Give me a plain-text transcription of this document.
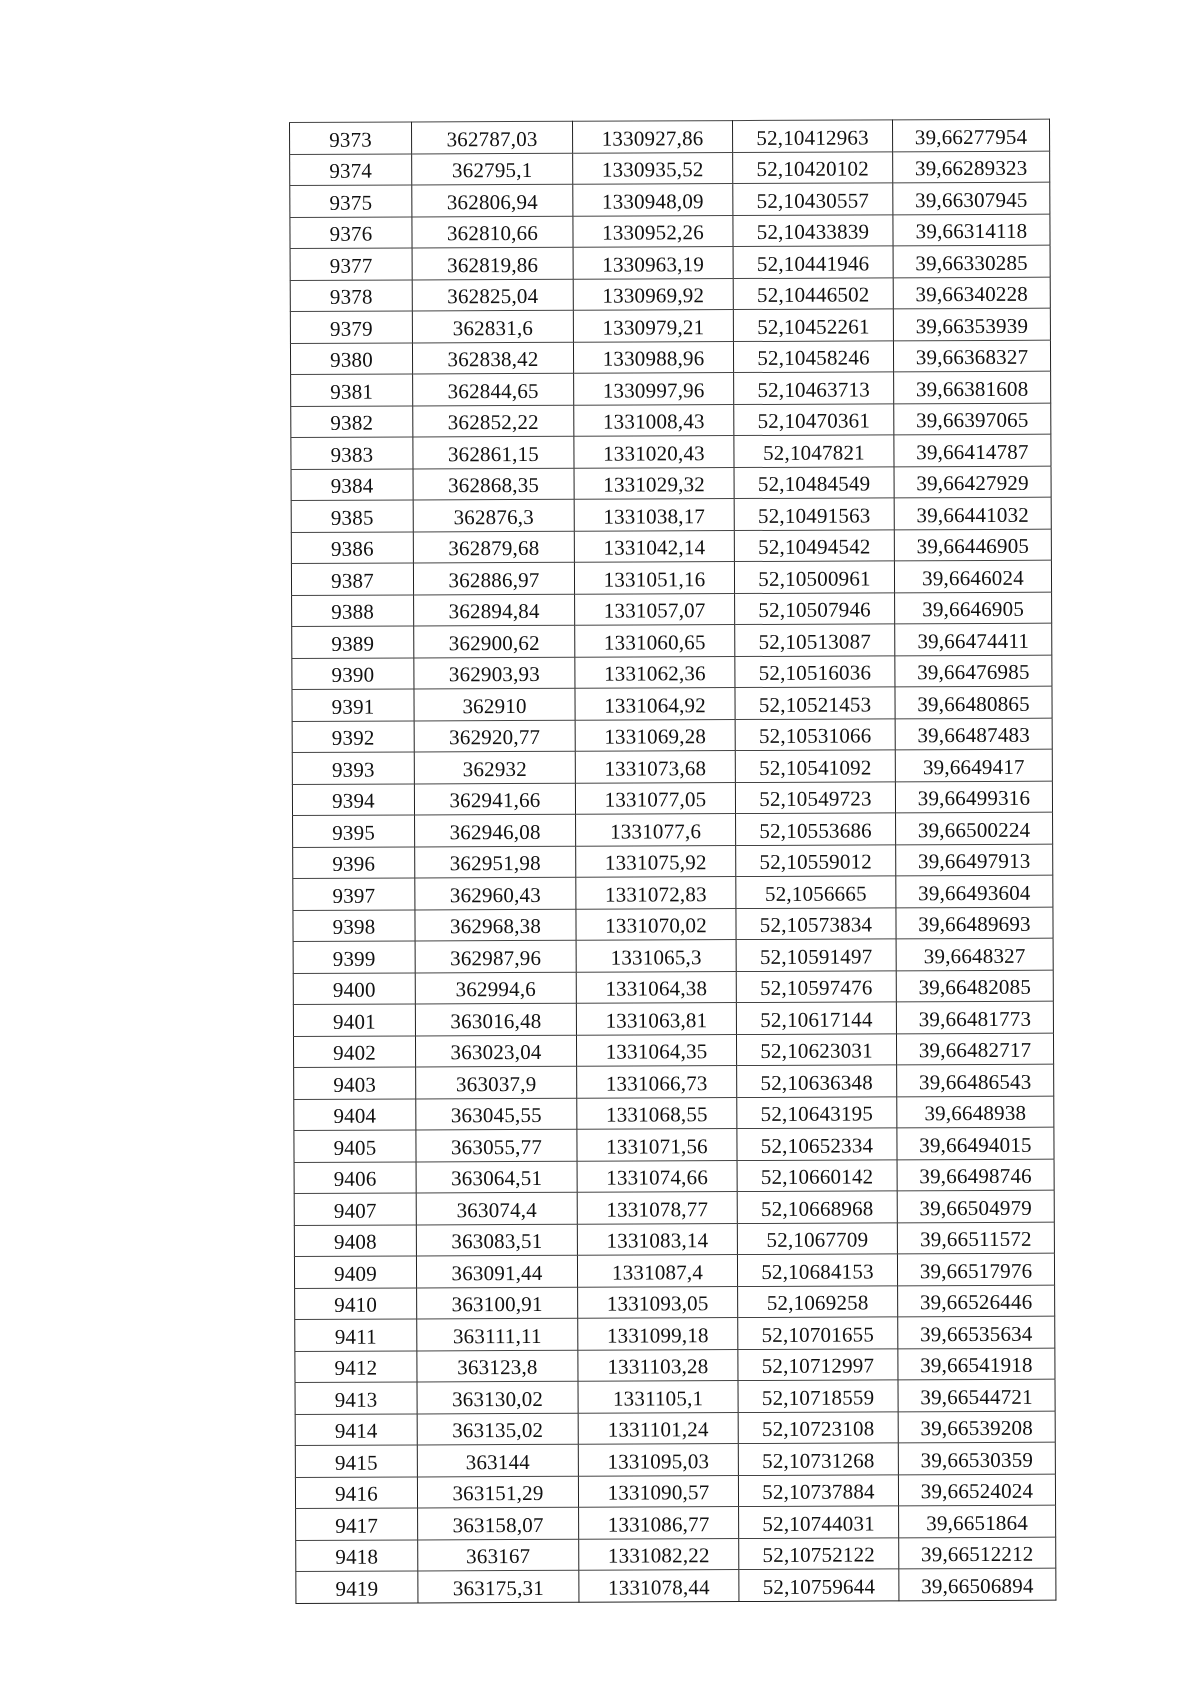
9373	362787,03	1330927,86	52,10412963	39,66277954
9374	362795,1	1330935,52	52,10420102	39,66289323
9375	362806,94	1330948,09	52,10430557	39,66307945
9376	362810,66	1330952,26	52,10433839	39,66314118
9377	362819,86	1330963,19	52,10441946	39,66330285
9378	362825,04	1330969,92	52,10446502	39,66340228
9379	362831,6	1330979,21	52,10452261	39,66353939
9380	362838,42	1330988,96	52,10458246	39,66368327
9381	362844,65	1330997,96	52,10463713	39,66381608
9382	362852,22	1331008,43	52,10470361	39,66397065
9383	362861,15	1331020,43	52,1047821	39,66414787
9384	362868,35	1331029,32	52,10484549	39,66427929
9385	362876,3	1331038,17	52,10491563	39,66441032
9386	362879,68	1331042,14	52,10494542	39,66446905
9387	362886,97	1331051,16	52,10500961	39,6646024
9388	362894,84	1331057,07	52,10507946	39,6646905
9389	362900,62	1331060,65	52,10513087	39,66474411
9390	362903,93	1331062,36	52,10516036	39,66476985
9391	362910	1331064,92	52,10521453	39,66480865
9392	362920,77	1331069,28	52,10531066	39,66487483
9393	362932	1331073,68	52,10541092	39,6649417
9394	362941,66	1331077,05	52,10549723	39,66499316
9395	362946,08	1331077,6	52,10553686	39,66500224
9396	362951,98	1331075,92	52,10559012	39,66497913
9397	362960,43	1331072,83	52,1056665	39,66493604
9398	362968,38	1331070,02	52,10573834	39,66489693
9399	362987,96	1331065,3	52,10591497	39,6648327
9400	362994,6	1331064,38	52,10597476	39,66482085
9401	363016,48	1331063,81	52,10617144	39,66481773
9402	363023,04	1331064,35	52,10623031	39,66482717
9403	363037,9	1331066,73	52,10636348	39,66486543
9404	363045,55	1331068,55	52,10643195	39,6648938
9405	363055,77	1331071,56	52,10652334	39,66494015
9406	363064,51	1331074,66	52,10660142	39,66498746
9407	363074,4	1331078,77	52,10668968	39,66504979
9408	363083,51	1331083,14	52,1067709	39,66511572
9409	363091,44	1331087,4	52,10684153	39,66517976
9410	363100,91	1331093,05	52,1069258	39,66526446
9411	363111,11	1331099,18	52,10701655	39,66535634
9412	363123,8	1331103,28	52,10712997	39,66541918
9413	363130,02	1331105,1	52,10718559	39,66544721
9414	363135,02	1331101,24	52,10723108	39,66539208
9415	363144	1331095,03	52,10731268	39,66530359
9416	363151,29	1331090,57	52,10737884	39,66524024
9417	363158,07	1331086,77	52,10744031	39,6651864
9418	363167	1331082,22	52,10752122	39,66512212
9419	363175,31	1331078,44	52,10759644	39,66506894
